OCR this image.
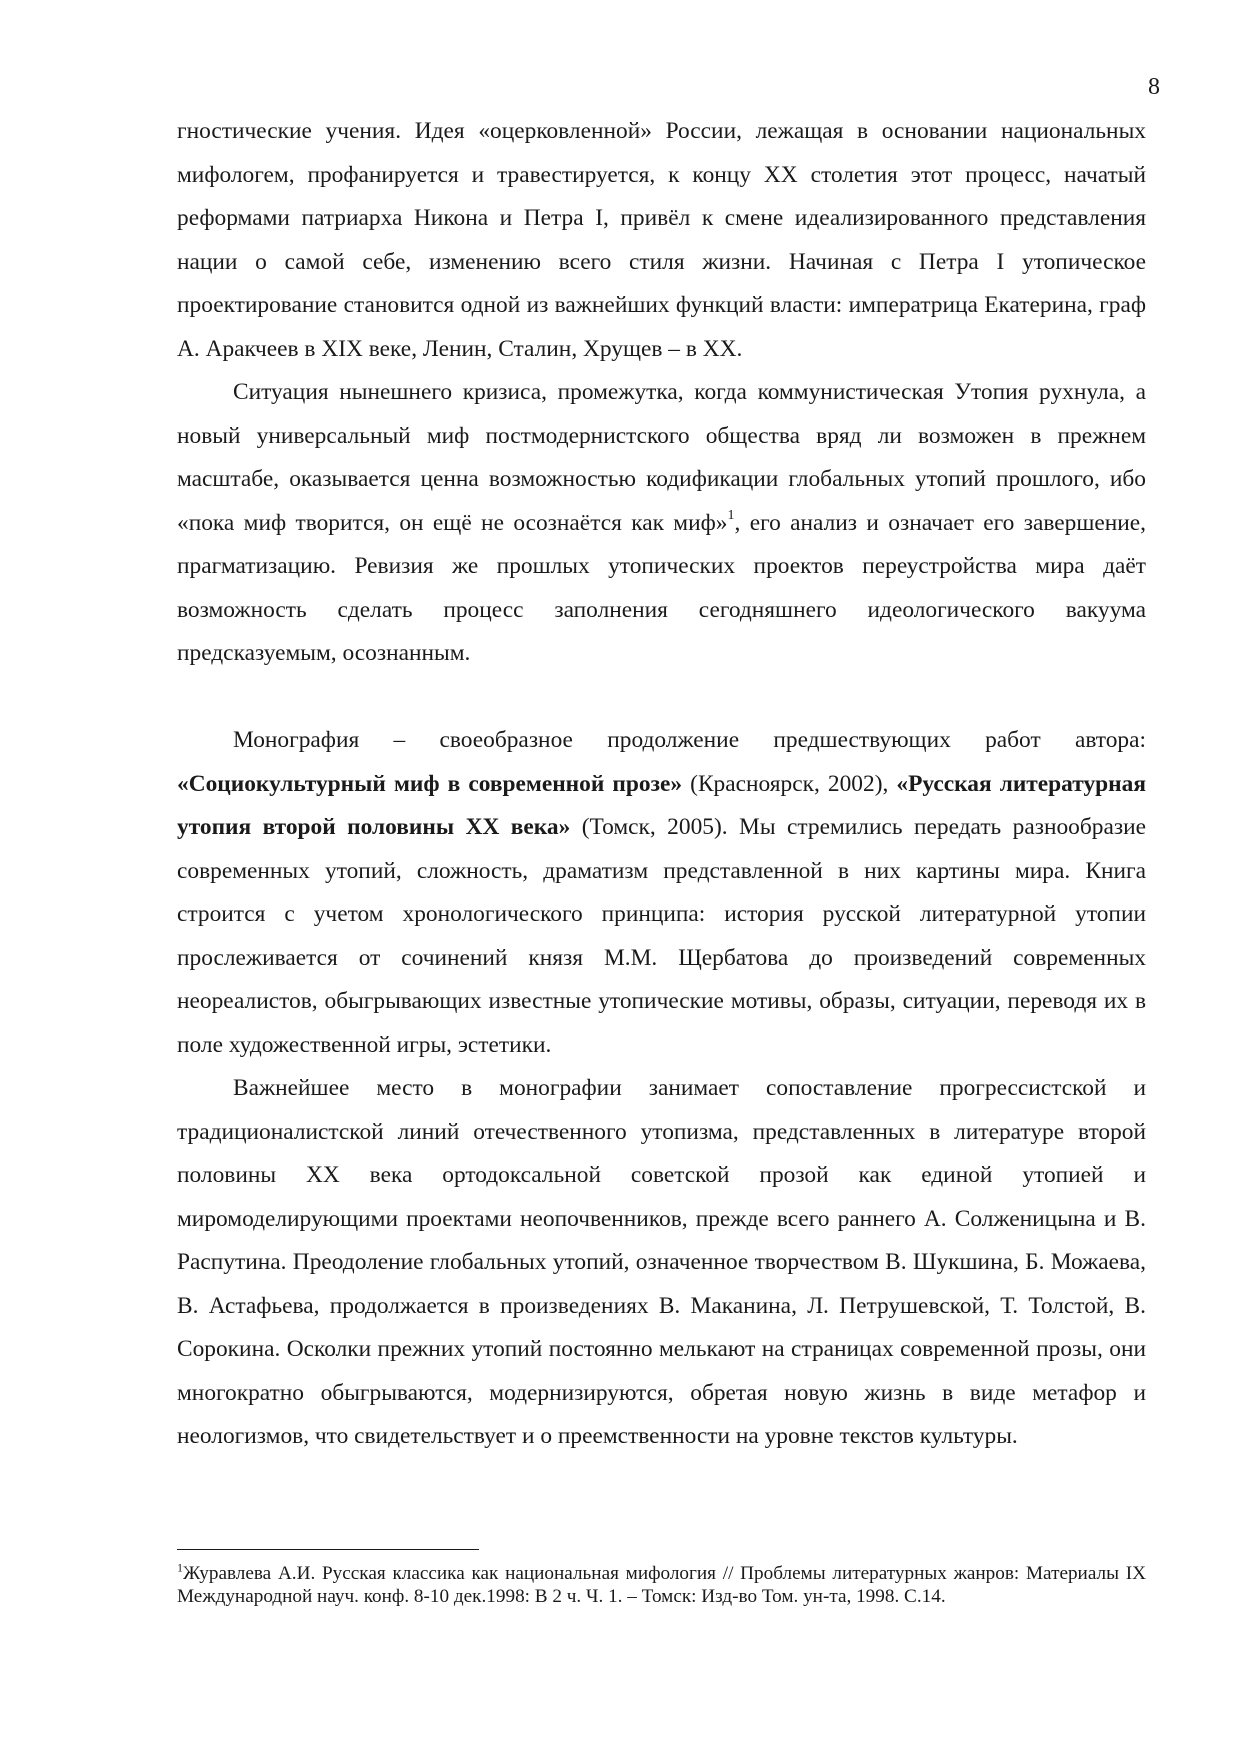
8

гностические учения. Идея «оцерковленной» России, лежащая в основании национальных мифологем, профанируется и травестируется, к концу ХХ столетия этот процесс, начатый реформами патриарха Никона и Петра I, привёл к смене идеализированного представления нации о самой себе, изменению всего стиля жизни. Начиная с Петра I утопическое проектирование становится одной из важнейших функций власти: императрица Екатерина, граф А. Аракчеев в XIX веке, Ленин, Сталин, Хрущев – в ХХ.

Ситуация нынешнего кризиса, промежутка, когда коммунистическая Утопия рухнула, а новый универсальный миф постмодернистского общества вряд ли возможен в прежнем масштабе, оказывается ценна возможностью кодификации глобальных утопий прошлого, ибо «пока миф творится, он ещё не осознаётся как миф»$^1$, его анализ и означает его завершение, прагматизацию. Ревизия же прошлых утопических проектов переустройства мира даёт возможность сделать процесс заполнения сегодняшнего идеологического вакуума предсказуемым, осознанным.

Монография – своеобразное продолжение предшествующих работ автора: «Социокультурный миф в современной прозе» (Красноярск, 2002), «Русская литературная утопия второй половины ХХ века» (Томск, 2005). Мы стремились передать разнообразие современных утопий, сложность, драматизм представленной в них картины мира. Книга строится с учетом хронологического принципа: история русской литературной утопии прослеживается от сочинений князя М.М. Щербатова до произведений современных неореалистов, обыгрывающих известные утопические мотивы, образы, ситуации, переводя их в поле художественной игры, эстетики.

Важнейшее место в монографии занимает сопоставление прогрессистской и традиционалистской линий отечественного утопизма, представленных в литературе второй половины ХХ века ортодоксальной советской прозой как единой утопией и миромоделирующими проектами неопочвенников, прежде всего раннего А. Солженицына и В. Распутина. Преодоление глобальных утопий, означенное творчеством В. Шукшина, Б. Можаева, В. Астафьева, продолжается в произведениях В. Маканина, Л. Петрушевской, Т. Толстой, В. Сорокина. Осколки прежних утопий постоянно мелькают на страницах современной прозы, они многократно обыгрываются, модернизируются, обретая новую жизнь в виде метафор и неологизмов, что свидетельствует и о преемственности на уровне текстов культуры.

$^1$Журавлева А.И. Русская классика как национальная мифология // Проблемы литературных жанров: Материалы IX Международной науч. конф. 8-10 дек.1998: В 2 ч. Ч. 1. – Томск: Изд-во Том. ун-та, 1998. С.14.
